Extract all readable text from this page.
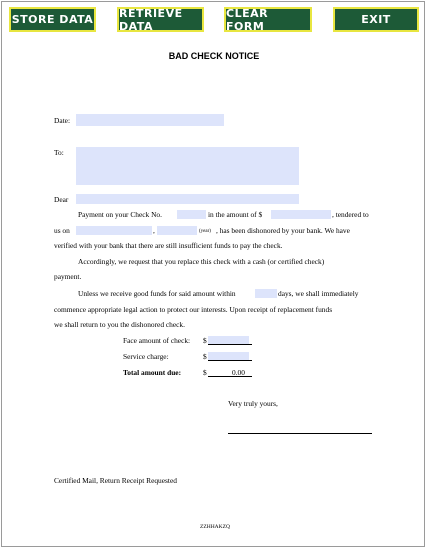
STORE DATA RETRIEVE DATA
CLEAR FORM	EXIT
BAD CHECK NOTICE
Date:
To:
Dear
Payment on your Check No.	in the amount of $	, tendered to
us on	,	(year) , has been dishonored by your bank. We have
verified with your bank that there are still insufficient funds to pay the check.
Accordingly, we request that you replace this check with a cash (or certified check)
payment.
Unless we receive good funds for said amount within	days, we shall immediately
commence appropriate legal action to protect our interests. Upon receipt of replacement funds
we shall return to you the dishonored check.
Face amount of check: $
Service charge:	$
Total amount due:	$	0.00
Very truly yours,
Certified Mail, Return Receipt Requested
ZZHHAKZQ
